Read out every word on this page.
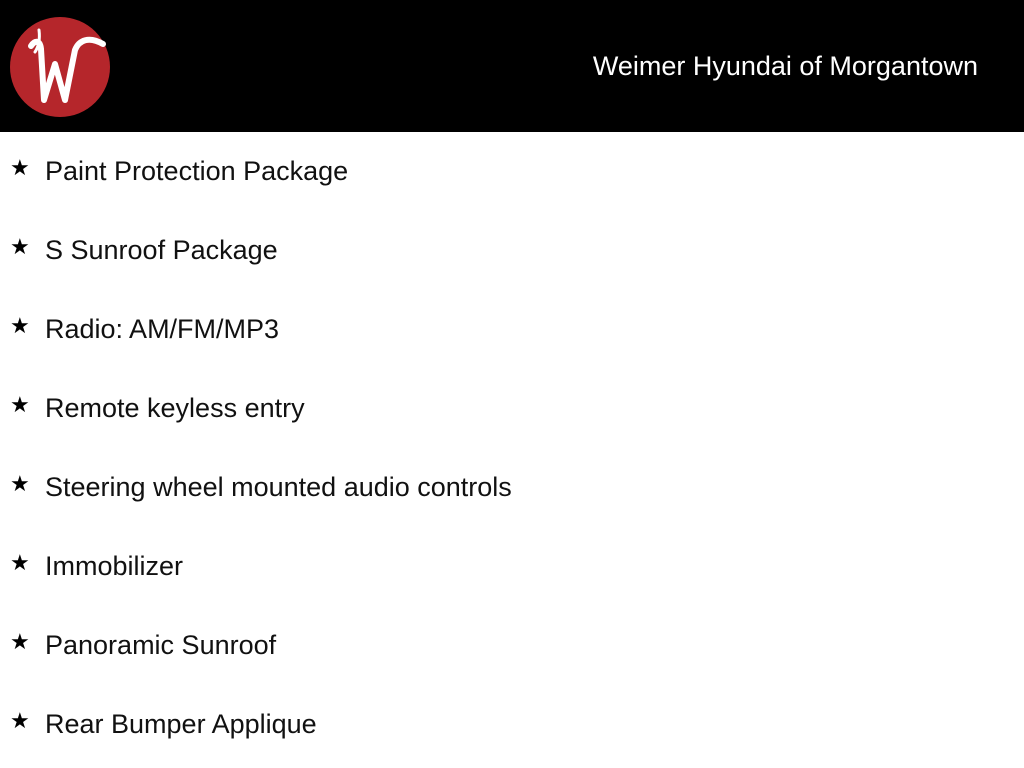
Weimer Hyundai of Morgantown
★ Paint Protection Package
★ S Sunroof Package
★ Radio: AM/FM/MP3
★ Remote keyless entry
★ Steering wheel mounted audio controls
★ Immobilizer
★ Panoramic Sunroof
★ Rear Bumper Applique
